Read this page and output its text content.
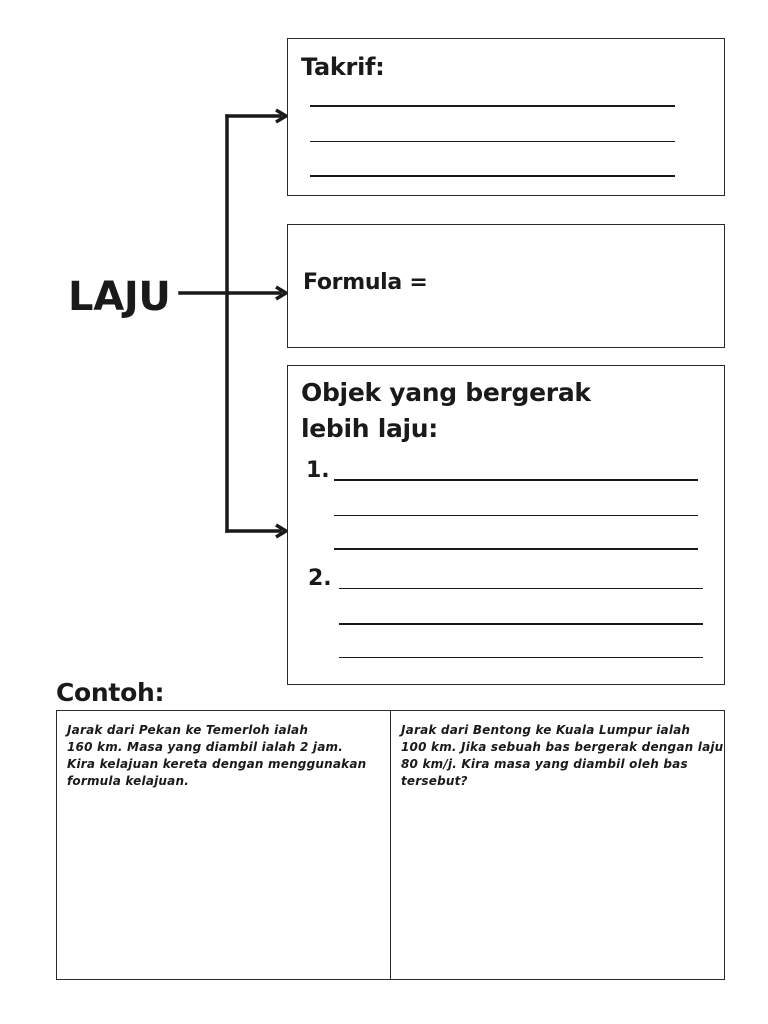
LAJU
Takrif:
Formula =
Objek yang bergerak
lebih laju:
1.
2.
Contoh:
Jarak dari Pekan ke Temerloh ialah
160 km. Masa yang diambil ialah 2 jam.
Kira kelajuan kereta dengan menggunakan
formula kelajuan.
Jarak dari Bentong ke Kuala Lumpur ialah
100 km. Jika sebuah bas bergerak dengan laju
80 km/j. Kira masa yang diambil oleh bas
tersebut?
